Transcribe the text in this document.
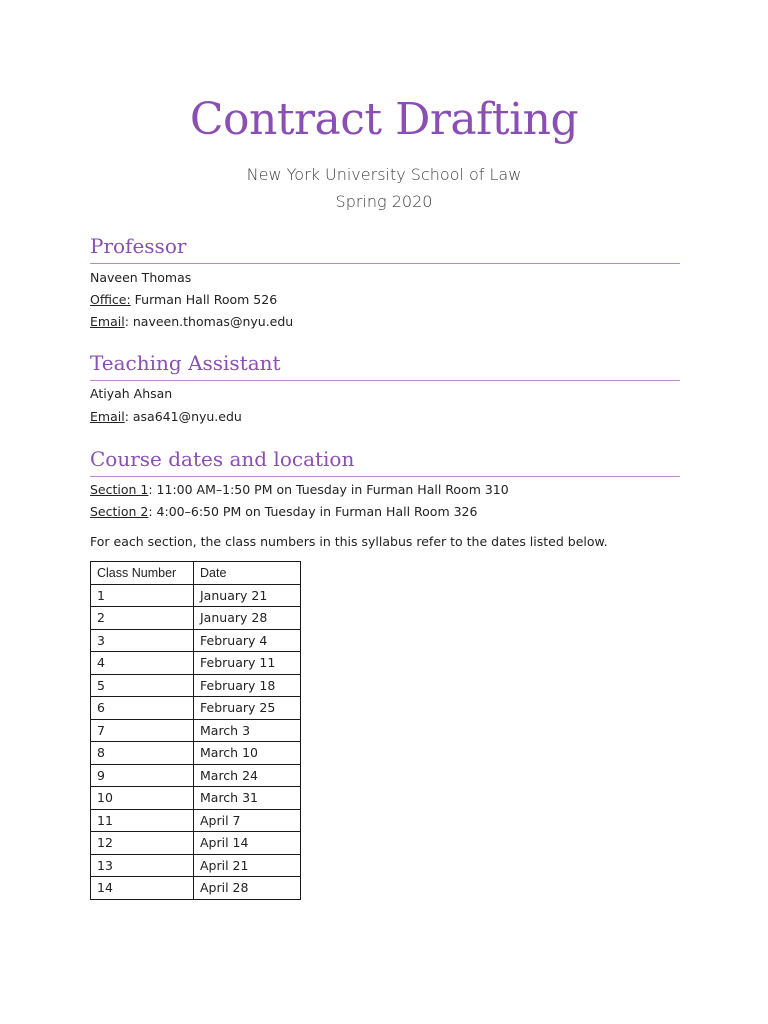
Contract Drafting
New York University School of Law
Spring 2020
Professor
Naveen Thomas
Office: Furman Hall Room 526
Email: naveen.thomas@nyu.edu
Teaching Assistant
Atiyah Ahsan
Email: asa641@nyu.edu
Course dates and location
Section 1: 11:00 AM–1:50 PM on Tuesday in Furman Hall Room 310
Section 2: 4:00–6:50 PM on Tuesday in Furman Hall Room 326
For each section, the class numbers in this syllabus refer to the dates listed below.
Class Number	Date
1	January 21
2	January 28
3	February 4
4	February 11
5	February 18
6	February 25
7	March 3
8	March 10
9	March 24
10	March 31
11	April 7
12	April 14
13	April 21
14	April 28
